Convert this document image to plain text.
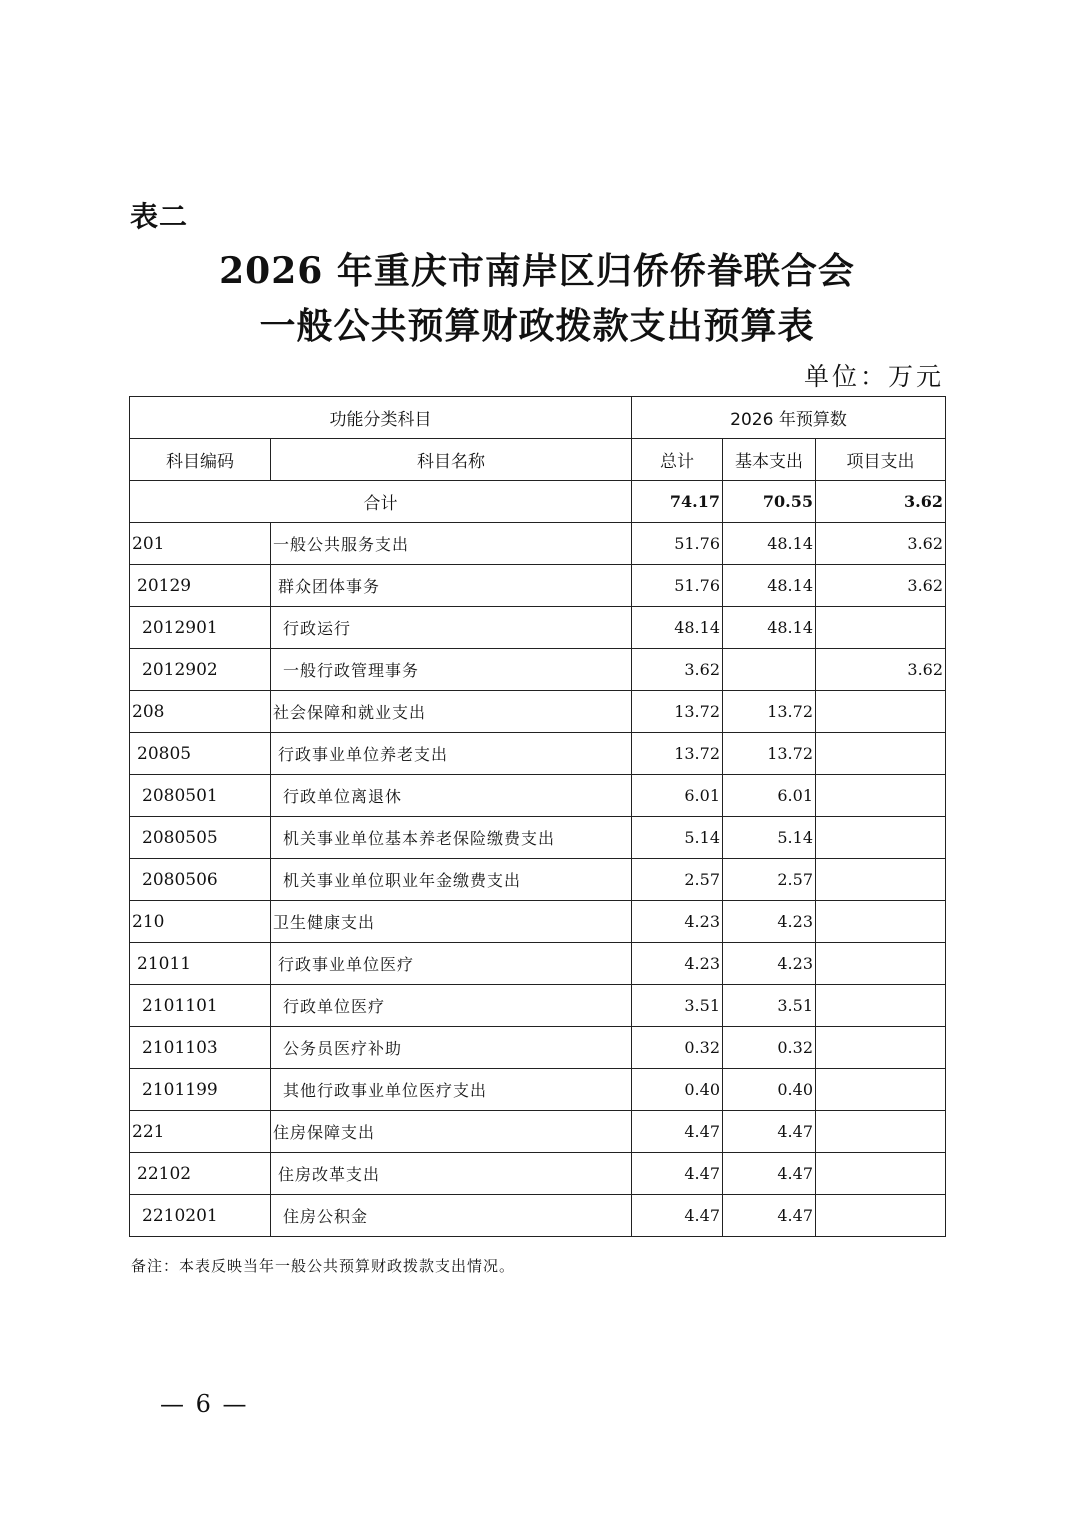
表二
2026 年重庆市南岸区归侨侨眷联合会
一般公共预算财政拨款支出预算表
单位：万元
功能分类科目		2026 年预算数		
科目编码	科目名称	总计	基本支出	项目支出
合计		74.17	70.55	3.62
201	一般公共服务支出	51.76	48.14	3.62
20129	群众团体事务	51.76	48.14	3.62
2012901	行政运行	48.14	48.14	
2012902	一般行政管理事务	3.62		3.62
208	社会保障和就业支出	13.72	13.72	
20805	行政事业单位养老支出	13.72	13.72	
2080501	行政单位离退休	6.01	6.01	
2080505	机关事业单位基本养老保险缴费支出	5.14	5.14	
2080506	机关事业单位职业年金缴费支出	2.57	2.57	
210	卫生健康支出	4.23	4.23	
21011	行政事业单位医疗	4.23	4.23	
2101101	行政单位医疗	3.51	3.51	
2101103	公务员医疗补助	0.32	0.32	
2101199	其他行政事业单位医疗支出	0.40	0.40	
221	住房保障支出	4.47	4.47	
22102	住房改革支出	4.47	4.47	
2210201	住房公积金	4.47	4.47	
备注：本表反映当年一般公共预算财政拨款支出情况。
— 6 —
